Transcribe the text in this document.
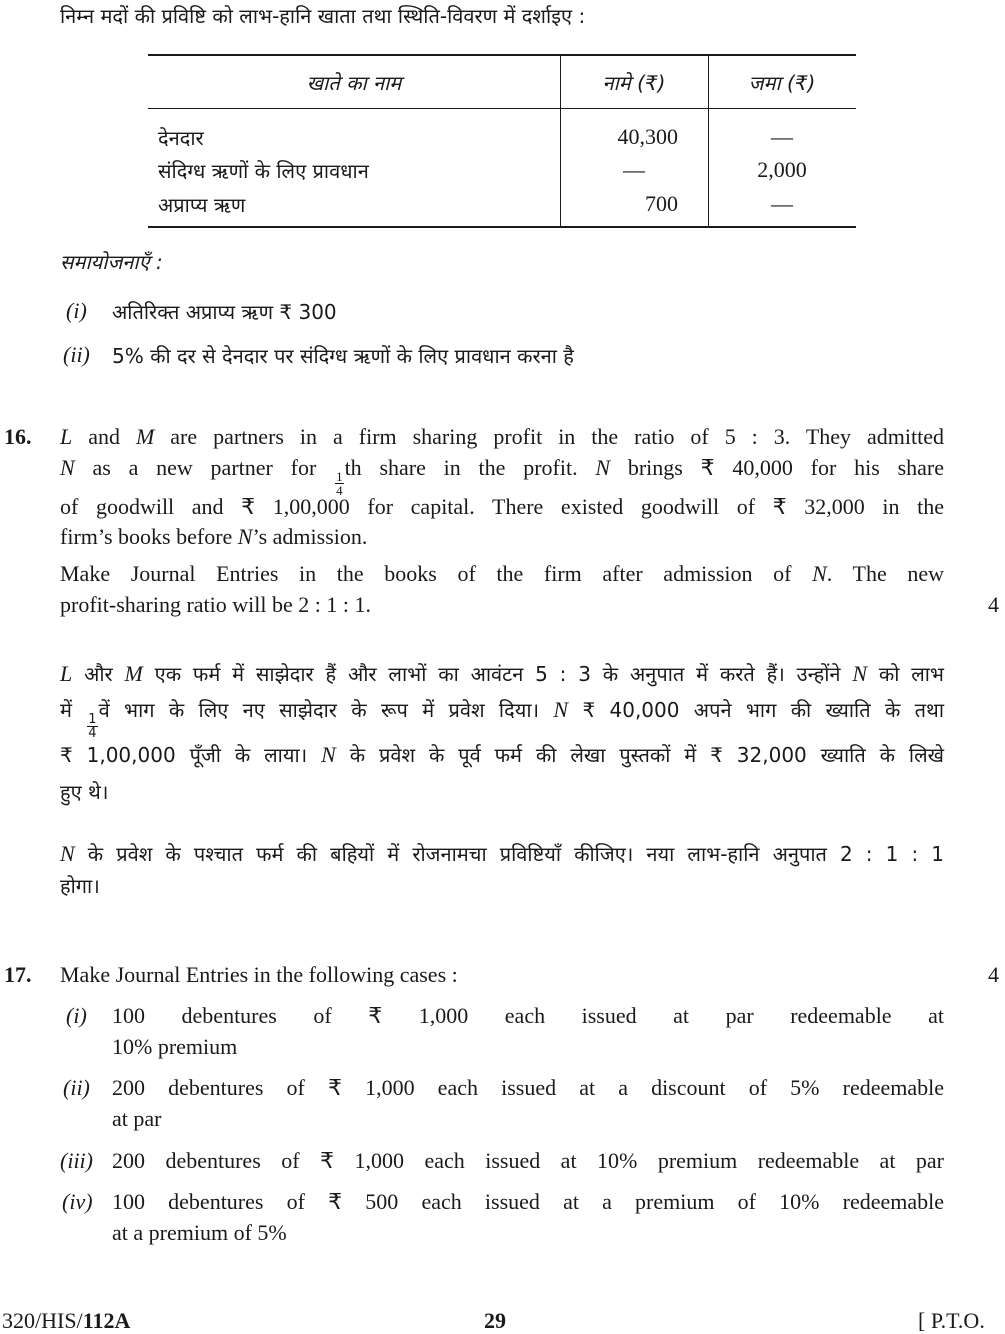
निम्न मदों की प्रविष्टि को लाभ-हानि खाता तथा स्थिति-विवरण में दर्शाइए :
खाते का नाम	नामे (₹)	जमा (₹)
देनदार	40,300	—
संदिग्ध ऋणों के लिए प्रावधान	—	2,000
अप्राप्य ऋण	700	—
समायोजनाएँ :
(i) अतिरिक्त अप्राप्य ऋण ₹ 300
(ii) 5% की दर से देनदार पर संदिग्ध ऋणों के लिए प्रावधान करना है
16. L and M are partners in a firm sharing profit in the ratio of 5 : 3. They admitted
N as a new partner for
$\frac{1}{4}$
th share in the profit. N brings ₹ 40,000 for his share
of goodwill and ₹ 1,00,000 for capital. There existed goodwill of ₹ 32,000 in the
firm’s books before N’s admission.
Make Journal Entries in the books of the firm after admission of N. The new
profit-sharing ratio will be 2 : 1 : 1.	4
L और M एक फर्म में साझेदार हैं और लाभों का आवंटन 5 : 3 के अनुपात में करते हैं। उन्होंने N को लाभ
में
$\frac{1}{4}$
वें भाग के लिए नए साझेदार के रूप में प्रवेश दिया। N ₹ 40,000 अपने भाग की ख्याति के तथा
₹ 1,00,000 पूँजी के लाया। N के प्रवेश के पूर्व फर्म की लेखा पुस्तकों में ₹ 32,000 ख्याति के लिखे
हुए थे।
N के प्रवेश के पश्चात फर्म की बहियों में रोजनामचा प्रविष्टियाँ कीजिए। नया लाभ-हानि अनुपात 2 : 1 : 1
होगा।
17. Make Journal Entries in the following cases :	4
(i) 100 debentures of ₹ 1,000 each issued at par redeemable at
10% premium
(ii) 200 debentures of ₹ 1,000 each issued at a discount of 5% redeemable
at par
(iii) 200 debentures of ₹ 1,000 each issued at 10% premium redeemable at par
(iv) 100 debentures of ₹ 500 each issued at a premium of 10% redeemable
at a premium of 5%
320/HIS/112A	29	[ P.T.O.
